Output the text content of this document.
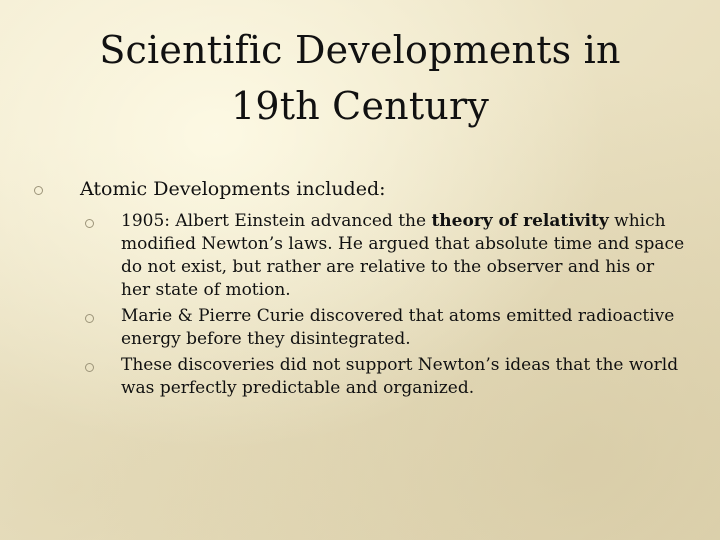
Scientific Developments in
19th Century
Atomic Developments included:
1905: Albert Einstein advanced the theory of relativity which modified Newton’s laws. He argued that absolute time and space do not exist, but rather are relative to the observer and his or her state of motion.
Marie & Pierre Curie discovered that atoms emitted radioactive energy before they disintegrated.
These discoveries did not support Newton’s ideas that the world was perfectly predictable and organized.
